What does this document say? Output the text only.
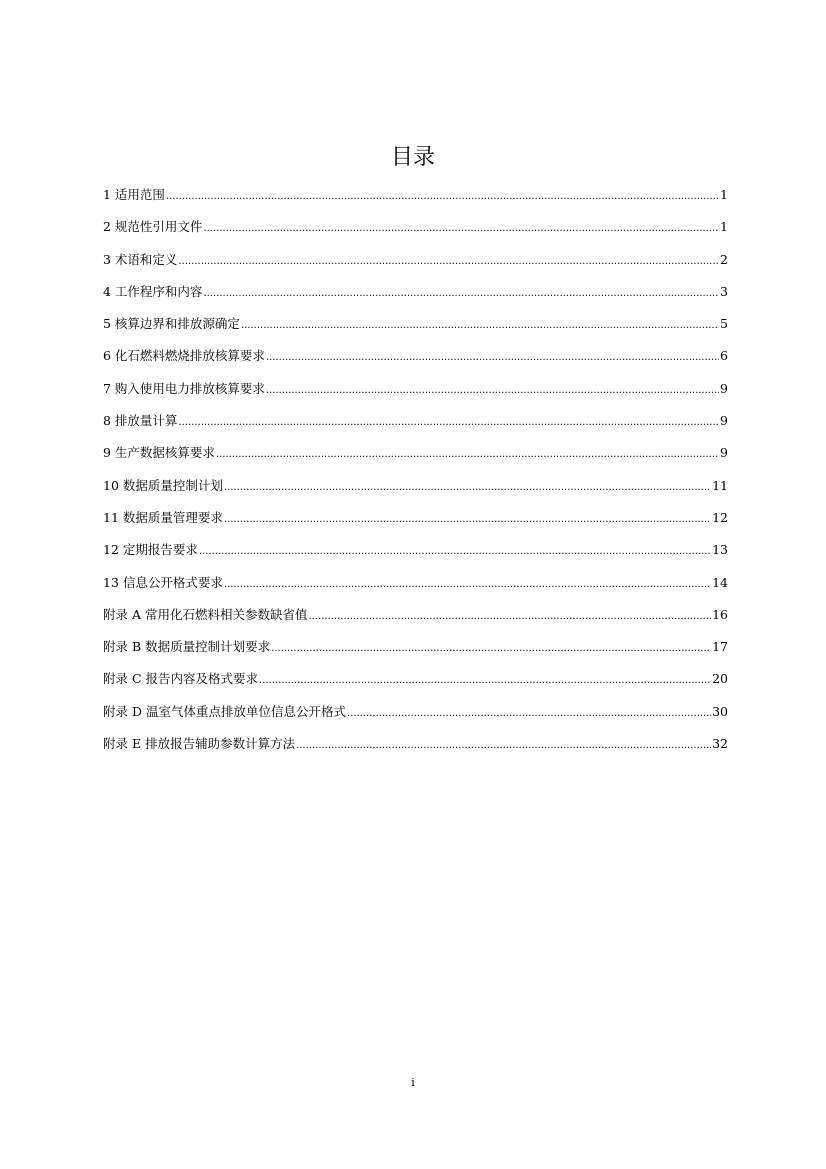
目录
1 适用范围 .....	1
2 规范性引用文件 .....	1
3 术语和定义 .....	2
4 工作程序和内容 .....	3
5 核算边界和排放源确定 .....	5
6 化石燃料燃烧排放核算要求 .....	6
7 购入使用电力排放核算要求 .....	9
8 排放量计算 .....	9
9 生产数据核算要求 .....	9
10 数据质量控制计划 .....	11
11 数据质量管理要求 .....	12
12 定期报告要求 .....	13
13 信息公开格式要求 .....	14
附录 A 常用化石燃料相关参数缺省值 .....	16
附录 B 数据质量控制计划要求 .....	17
附录 C 报告内容及格式要求 .....	20
附录 D 温室气体重点排放单位信息公开格式 .....	30
附录 E 排放报告辅助参数计算方法 .....	32
i
